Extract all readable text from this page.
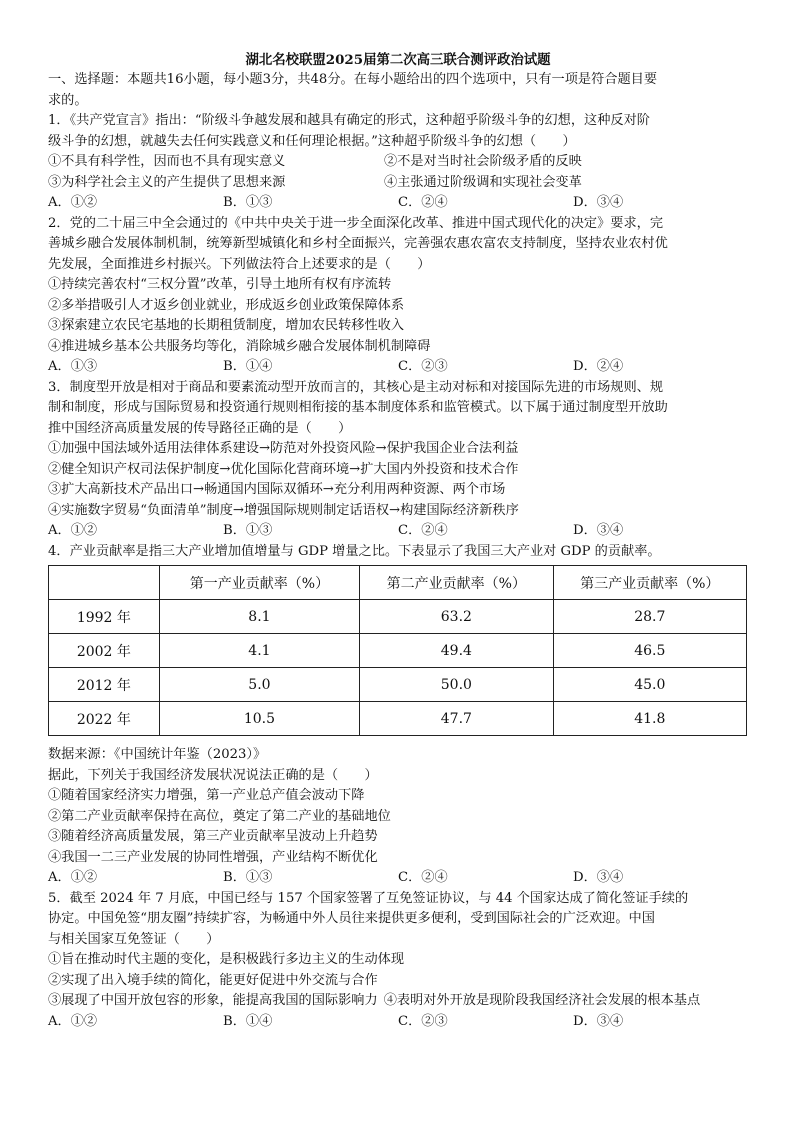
湖北名校联盟2025届第二次高三联合测评政治试题
一、选择题：本题共16小题，每小题3分，共48分。在每小题给出的四个选项中，只有一项是符合题目要
求的。
1．《共产党宣言》指出：“阶级斗争越发展和越具有确定的形式，这种超乎阶级斗争的幻想，这种反对阶
级斗争的幻想，就越失去任何实践意义和任何理论根据。”这种超乎阶级斗争的幻想（　　）
①不具有科学性，因而也不具有现实意义	②不是对当时社会阶级矛盾的反映
③为科学社会主义的产生提供了思想来源	④主张通过阶级调和实现社会变革
A．①②	B．①③	C．②④	D．③④
2．党的二十届三中全会通过的《中共中央关于进一步全面深化改革、推进中国式现代化的决定》要求，完
善城乡融合发展体制机制，统筹新型城镇化和乡村全面振兴，完善强农惠农富农支持制度，坚持农业农村优
先发展，全面推进乡村振兴。下列做法符合上述要求的是（　　）
①持续完善农村“三权分置”改革，引导土地所有权有序流转
②多举措吸引人才返乡创业就业，形成返乡创业政策保障体系
③探索建立农民宅基地的长期租赁制度，增加农民转移性收入
④推进城乡基本公共服务均等化，消除城乡融合发展体制机制障碍
A．①③	B．①④	C．②③	D．②④
3．制度型开放是相对于商品和要素流动型开放而言的，其核心是主动对标和对接国际先进的市场规则、规
制和制度，形成与国际贸易和投资通行规则相衔接的基本制度体系和监管模式。以下属于通过制度型开放助
推中国经济高质量发展的传导路径正确的是（　　）
①加强中国法域外适用法律体系建设→防范对外投资风险→保护我国企业合法利益
②健全知识产权司法保护制度→优化国际化营商环境→扩大国内外投资和技术合作
③扩大高新技术产品出口→畅通国内国际双循环→充分利用两种资源、两个市场
④实施数字贸易“负面清单”制度→增强国际规则制定话语权→构建国际经济新秩序
A．①②	B．①③	C．②④	D．③④
4．产业贡献率是指三大产业增加值增量与 GDP 增量之比。下表显示了我国三大产业对 GDP 的贡献率。
	第一产业贡献率（%）	第二产业贡献率（%）	第三产业贡献率（%）
1992 年	8.1	63.2	28.7
2002 年	4.1	49.4	46.5
2012 年	5.0	50.0	45.0
2022 年	10.5	47.7	41.8
数据来源：《中国统计年鉴（2023）》
据此，下列关于我国经济发展状况说法正确的是（　　）
①随着国家经济实力增强，第一产业总产值会波动下降
②第二产业贡献率保持在高位，奠定了第二产业的基础地位
③随着经济高质量发展，第三产业贡献率呈波动上升趋势
④我国一二三产业发展的协同性增强，产业结构不断优化
A．①②	B．①③	C．②④	D．③④
5．截至 2024 年 7 月底，中国已经与 157 个国家签署了互免签证协议，与 44 个国家达成了简化签证手续的
协定。中国免签“朋友圈”持续扩容，为畅通中外人员往来提供更多便利，受到国际社会的广泛欢迎。中国
与相关国家互免签证（　　）
①旨在推动时代主题的变化，是积极践行多边主义的生动体现
②实现了出入境手续的简化，能更好促进中外交流与合作
③展现了中国开放包容的形象，能提高我国的国际影响力 ④表明对外开放是现阶段我国经济社会发展的根本基点
A．①②	B．①④	C．②③	D．③④
